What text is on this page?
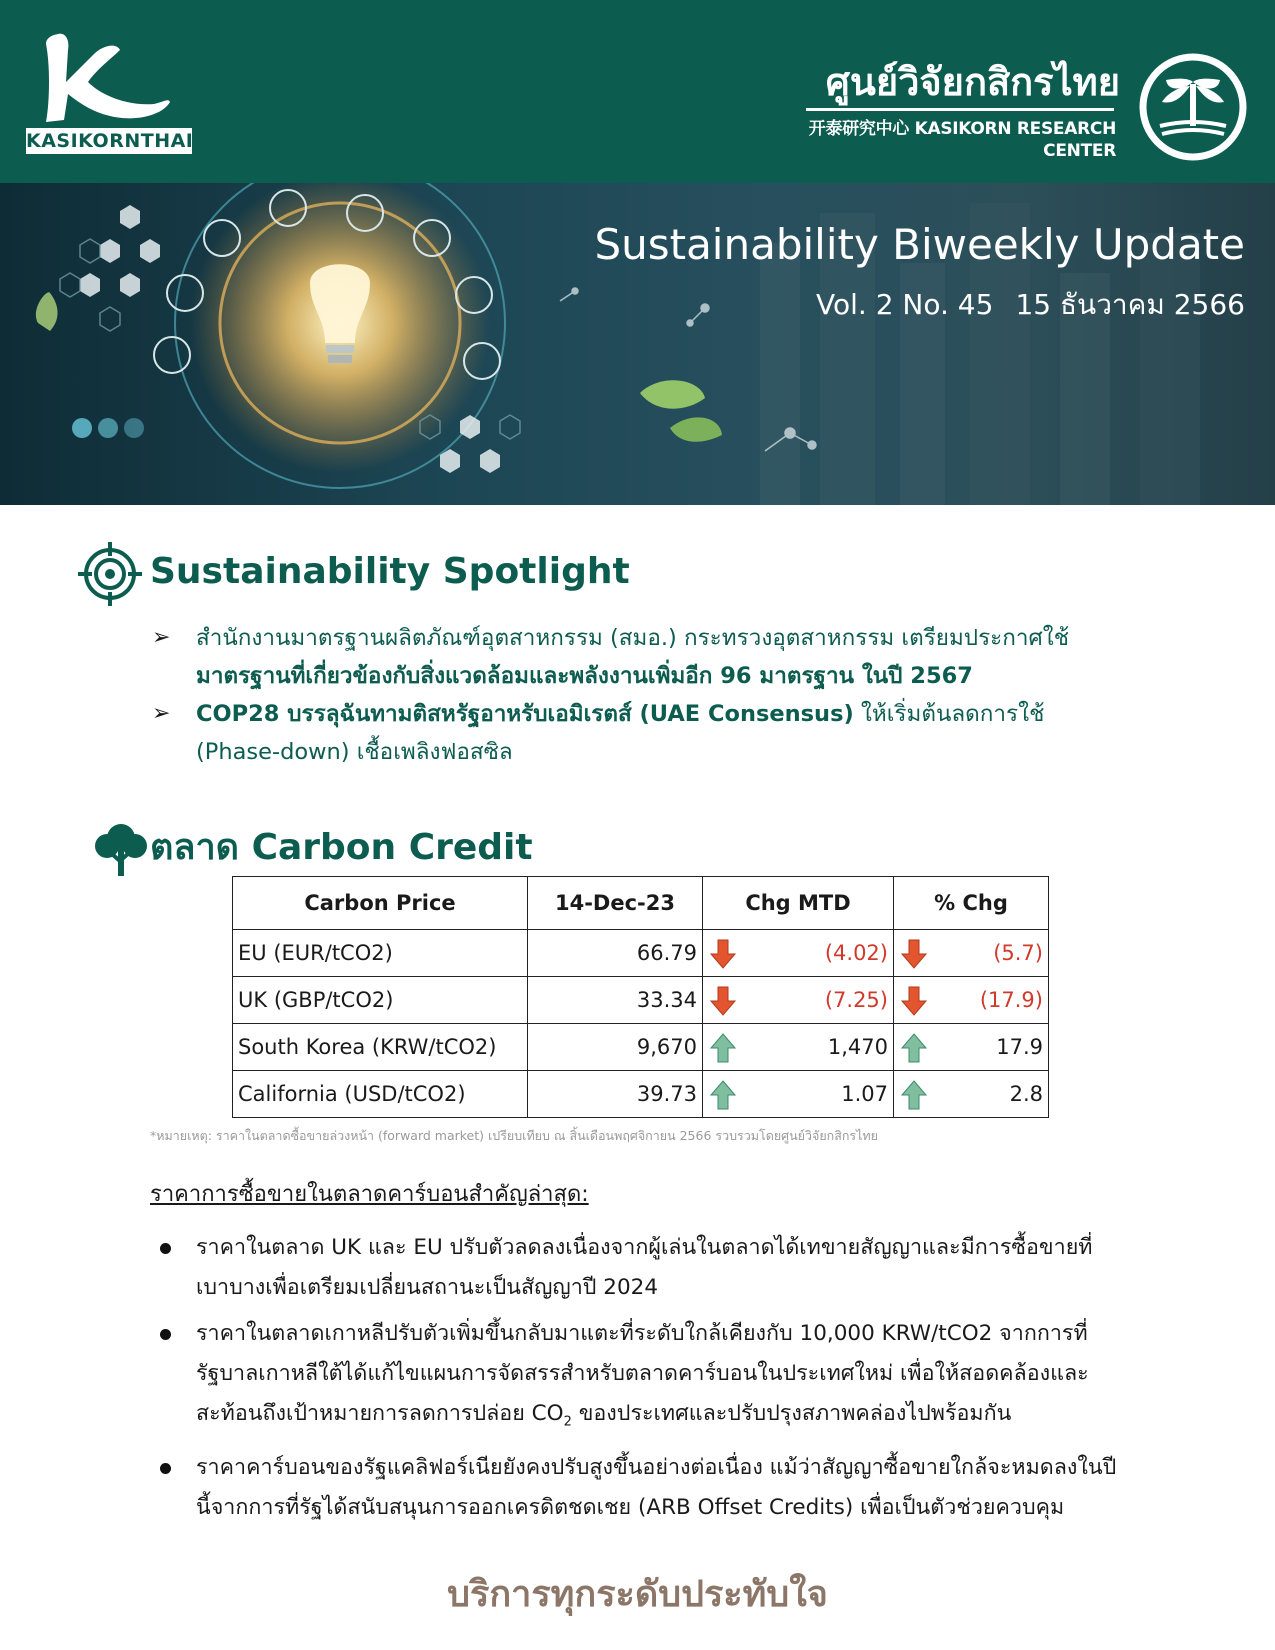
KASIKORNTHAI
ศูนย์วิจัยกสิกรไทย
开泰研究中心 KASIKORN RESEARCH CENTER
Sustainability Biweekly Update
Vol. 2 No. 45 15 ธันวาคม 2566
Sustainability Spotlight
➢ สำนักงานมาตรฐานผลิตภัณฑ์อุตสาหกรรม (สมอ.) กระทรวงอุตสาหกรรม เตรียมประกาศใช้ มาตรฐานที่เกี่ยวข้องกับสิ่งแวดล้อมและพลังงานเพิ่มอีก 96 มาตรฐาน ในปี 2567
➢ COP28 บรรลุฉันทามติสหรัฐอาหรับเอมิเรตส์ (UAE Consensus) ให้เริ่มต้นลดการใช้ (Phase-down) เชื้อเพลิงฟอสซิล
ตลาด Carbon Credit
Carbon Price	14-Dec-23	Chg MTD	% Chg
EU (EUR/tCO2)	66.79	(4.02)	(5.7)
UK (GBP/tCO2)	33.34	(7.25)	(17.9)
South Korea (KRW/tCO2)	9,670	1,470	17.9
California (USD/tCO2)	39.73	1.07	2.8
*หมายเหตุ: ราคาในตลาดซื้อขายล่วงหน้า (forward market) เปรียบเทียบ ณ สิ้นเดือนพฤศจิกายน 2566 รวบรวมโดยศูนย์วิจัยกสิกรไทย
ราคาการซื้อขายในตลาดคาร์บอนสำคัญล่าสุด:
ราคาในตลาด UK และ EU ปรับตัวลดลงเนื่องจากผู้เล่นในตลาดได้เทขายสัญญาและมีการซื้อขายที่เบาบางเพื่อเตรียมเปลี่ยนสถานะเป็นสัญญาปี 2024
ราคาในตลาดเกาหลีปรับตัวเพิ่มขึ้นกลับมาแตะที่ระดับใกล้เคียงกับ 10,000 KRW/tCO2 จากการที่รัฐบาลเกาหลีใต้ได้แก้ไขแผนการจัดสรรสำหรับตลาดคาร์บอนในประเทศใหม่ เพื่อให้สอดคล้องและสะท้อนถึงเป้าหมายการลดการปล่อย $CO_2$ ของประเทศและปรับปรุงสภาพคล่องไปพร้อมกัน
ราคาคาร์บอนของรัฐแคลิฟอร์เนียยังคงปรับสูงขึ้นอย่างต่อเนื่อง แม้ว่าสัญญาซื้อขายใกล้จะหมดลงในปีนี้จากการที่รัฐได้สนับสนุนการออกเครดิตชดเชย (ARB Offset Credits) เพื่อเป็นตัวช่วยควบคุม
บริการทุกระดับประทับใจ
